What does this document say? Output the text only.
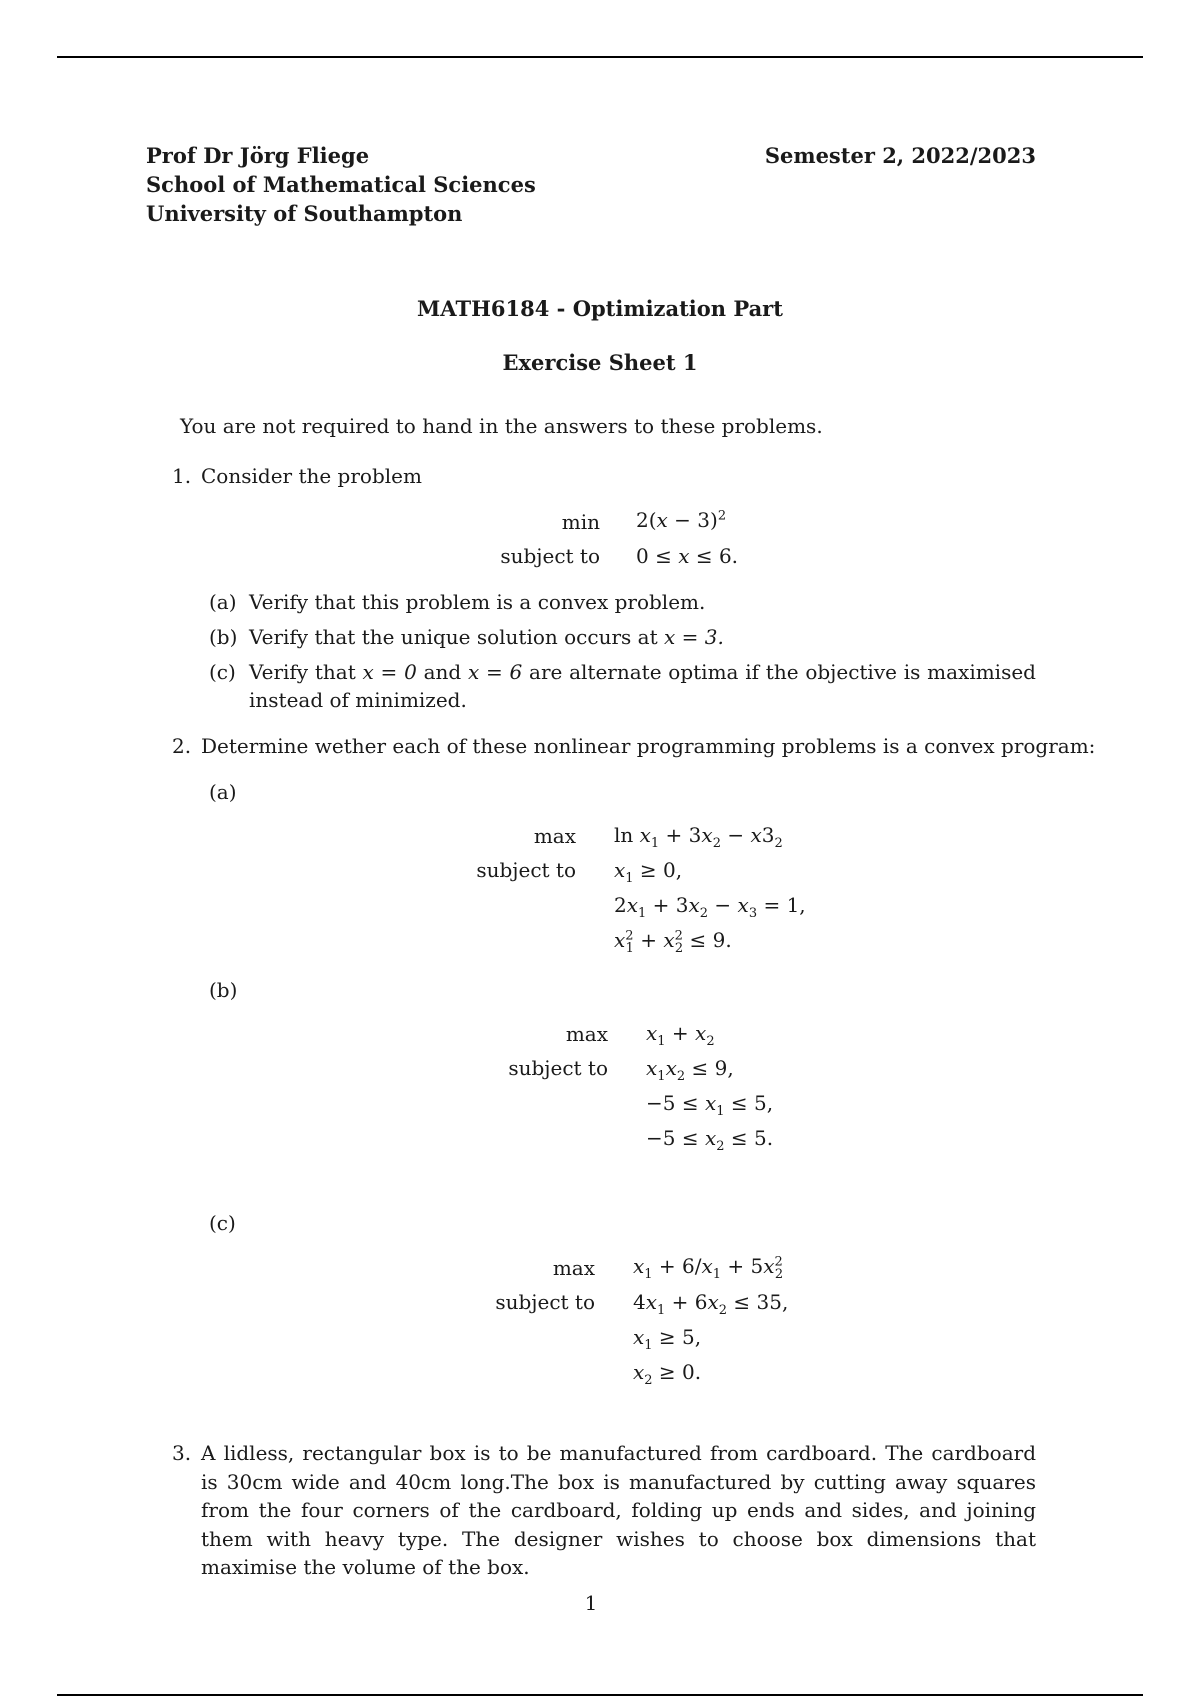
Prof Dr Jörg Fliege
School of Mathematical Sciences
University of Southampton
Semester 2, 2022/2023
MATH6184 - Optimization Part
Exercise Sheet 1
You are not required to hand in the answers to these problems.
1. Consider the problem
$\min 2(x - 3)^2$
subject to 0 ≤ x ≤ 6.
(a) Verify that this problem is a convex problem.
(b) Verify that the unique solution occurs at x = 3.
(c) Verify that x = 0 and x = 6 are alternate optima if the objective is maximised
instead of minimized.
2. Determine wether each of these nonlinear programming problems is a convex program:
(a)
$\max \ln x_1 + 3x_2 - x3_2$
subject to $x_1 \ge 0$,
$2x_1 + 3x_2 - x_3 = 1$,
$x^2_1 + x^2_2 \le 9$.
(b)
$\max x_1 + x_2$
subject to $x_1x_2 \le 9$,
$-5 \le x_1 \le 5$,
$-5 \le x_2 \le 5$.
(c)
$\max x_1 + 6/x_1 + 5x^2_2$
subject to $4x_1 + 6x_2 \le 35$,
$x_1 \ge 5$,
$x_2 \ge 0$.
3. A lidless, rectangular box is to be manufactured from cardboard. The cardboard is 30cm wide and 40cm long.The box is manufactured by cutting away squares from the four corners of the cardboard, folding up ends and sides, and joining them with heavy type. The designer wishes to choose box dimensions that maximise the volume of the box.
1
